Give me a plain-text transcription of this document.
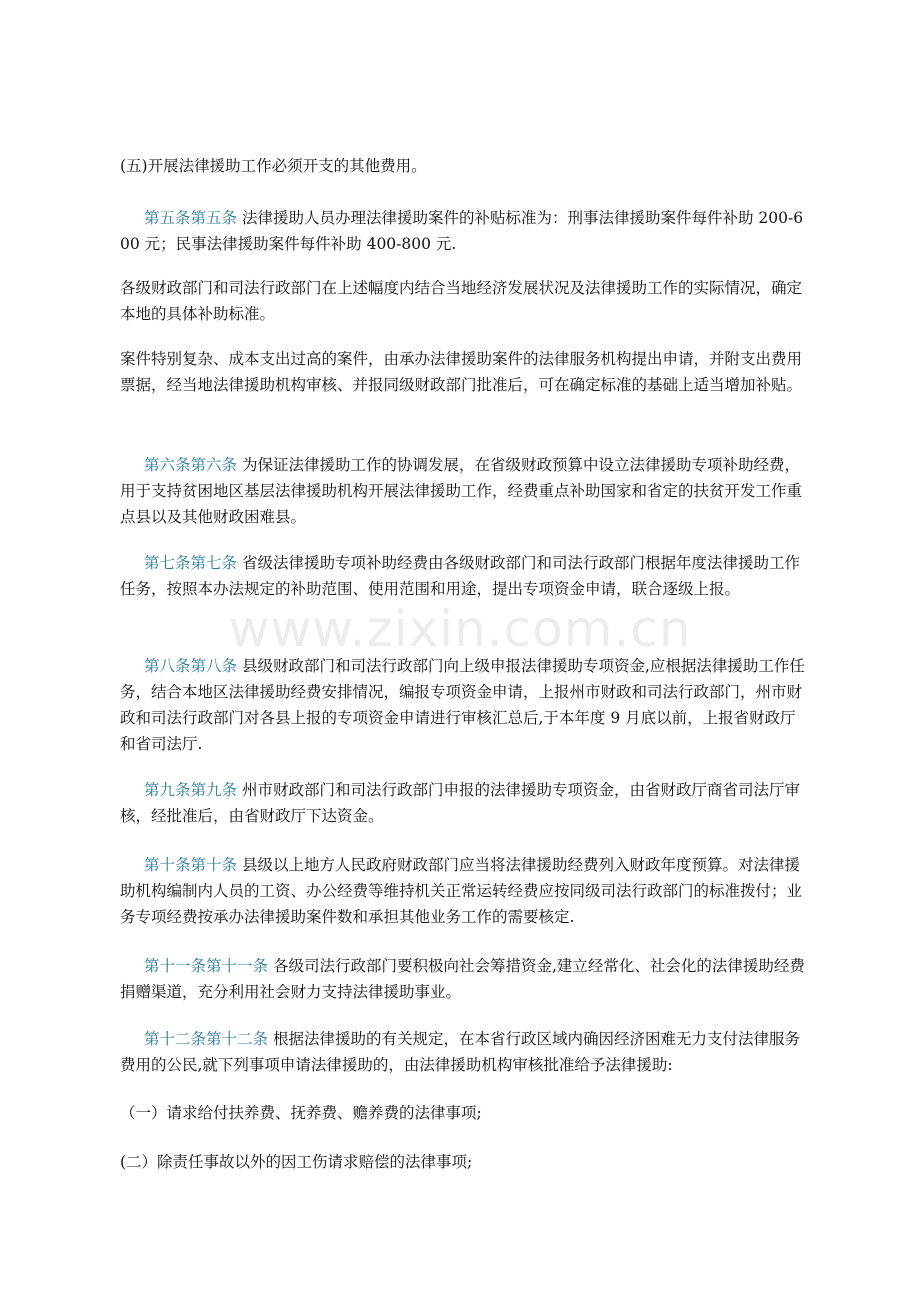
www.zixin.com.cn

(五)开展法律援助工作必须开支的其他费用。

第五条第五条 法律援助人员办理法律援助案件的补贴标准为：刑事法律援助案件每件补助 200-600 元；民事法律援助案件每件补助 400-800 元.

各级财政部门和司法行政部门在上述幅度内结合当地经济发展状况及法律援助工作的实际情况，确定本地的具体补助标准。

案件特别复杂、成本支出过高的案件，由承办法律援助案件的法律服务机构提出申请，并附支出费用票据，经当地法律援助机构审核、并报同级财政部门批准后，可在确定标准的基础上适当增加补贴。

第六条第六条 为保证法律援助工作的协调发展，在省级财政预算中设立法律援助专项补助经费，用于支持贫困地区基层法律援助机构开展法律援助工作，经费重点补助国家和省定的扶贫开发工作重点县以及其他财政困难县。

第七条第七条 省级法律援助专项补助经费由各级财政部门和司法行政部门根据年度法律援助工作任务，按照本办法规定的补助范围、使用范围和用途，提出专项资金申请，联合逐级上报。

第八条第八条 县级财政部门和司法行政部门向上级申报法律援助专项资金,应根据法律援助工作任务，结合本地区法律援助经费安排情况，编报专项资金申请，上报州市财政和司法行政部门，州市财政和司法行政部门对各县上报的专项资金申请进行审核汇总后,于本年度 9 月底以前，上报省财政厅和省司法厅.

第九条第九条 州市财政部门和司法行政部门申报的法律援助专项资金，由省财政厅商省司法厅审核，经批准后，由省财政厅下达资金。

第十条第十条 县级以上地方人民政府财政部门应当将法律援助经费列入财政年度预算。对法律援助机构编制内人员的工资、办公经费等维持机关正常运转经费应按同级司法行政部门的标准拨付；业务专项经费按承办法律援助案件数和承担其他业务工作的需要核定.

第十一条第十一条 各级司法行政部门要积极向社会筹措资金,建立经常化、社会化的法律援助经费捐赠渠道，充分利用社会财力支持法律援助事业。

第十二条第十二条 根据法律援助的有关规定，在本省行政区域内确因经济困难无力支付法律服务费用的公民,就下列事项申请法律援助的，由法律援助机构审核批准给予法律援助:

（一）请求给付扶养费、抚养费、赡养费的法律事项;

(二）除责任事故以外的因工伤请求赔偿的法律事项;
